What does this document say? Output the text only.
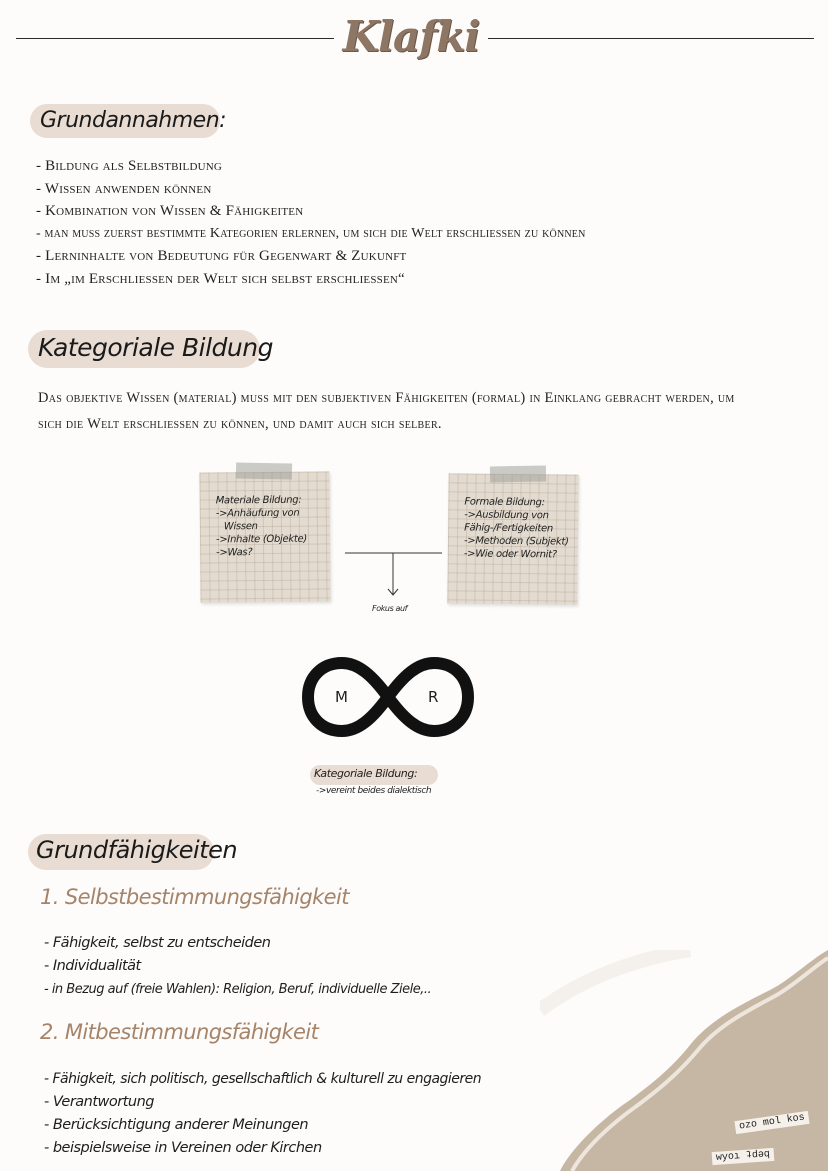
Klafki
Grundannahmen:
- Bildung als Selbstbildung
- Wissen anwenden können
- Kombination von Wissen & Fähigkeiten
- man muss zuerst bestimmte Kategorien erlernen, um sich die Welt erschliessen zu können
- Lerninhalte von Bedeutung für Gegenwart & Zukunft
- Im „im Erschliessen der Welt sich selbst erschliessen“
Kategoriale Bildung
Das objektive Wissen (material) muss mit den subjektiven Fähigkeiten (formal) in Einklang gebracht werden, um sich die Welt erschliessen zu können, und damit auch sich selber.
Materiale Bildung:
->Anhäufung von
Wissen
->Inhalte (Objekte)
->Was?
Formale Bildung:
->Ausbildung von
Fähig-/Fertigkeiten
->Methoden (Subjekt)
->Wie oder Wornit?
Fokus auf
M	R
Kategoriale Bildung:
->vereint beides dialektisch
Grundfähigkeiten
1. Selbstbestimmungsfähigkeit
- Fähigkeit, selbst zu entscheiden
- Individualität
- in Bezug auf (freie Wahlen): Religion, Beruf, individuelle Ziele,..
2. Mitbestimmungsfähigkeit
- Fähigkeit, sich politisch, gesellschaftlich & kulturell zu engagieren
- Verantwortung
- Berücksichtigung anderer Meinungen
- beispielsweise in Vereinen oder Kirchen
ozo mol kos
wyoı ʇdǝq
